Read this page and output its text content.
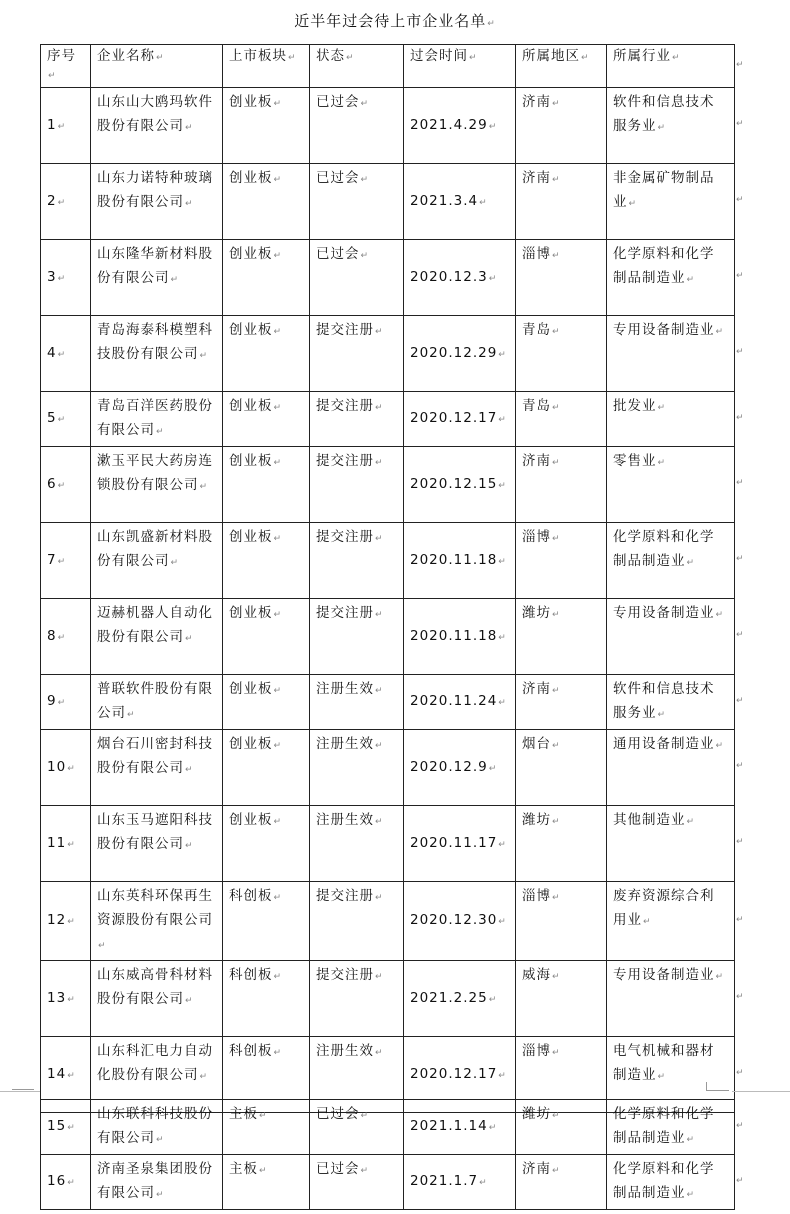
近半年过会待上市企业名单↵
序号↵	企业名称↵	上市板块↵	状态↵	过会时间↵	所属地区↵	所属行业↵
1↵	山东山大鸥玛软件股份有限公司↵	创业板↵	已过会↵	2021.4.29↵	济南↵	软件和信息技术服务业↵
2↵	山东力诺特种玻璃股份有限公司↵	创业板↵	已过会↵	2021.3.4↵	济南↵	非金属矿物制品业↵
3↵	山东隆华新材料股份有限公司↵	创业板↵	已过会↵	2020.12.3↵	淄博↵	化学原料和化学制品制造业↵
4↵	青岛海泰科模塑科技股份有限公司↵	创业板↵	提交注册↵	2020.12.29↵	青岛↵	专用设备制造业↵
5↵	青岛百洋医药股份有限公司↵	创业板↵	提交注册↵	2020.12.17↵	青岛↵	批发业↵
6↵	漱玉平民大药房连锁股份有限公司↵	创业板↵	提交注册↵	2020.12.15↵	济南↵	零售业↵
7↵	山东凯盛新材料股份有限公司↵	创业板↵	提交注册↵	2020.11.18↵	淄博↵	化学原料和化学制品制造业↵
8↵	迈赫机器人自动化股份有限公司↵	创业板↵	提交注册↵	2020.11.18↵	潍坊↵	专用设备制造业↵
9↵	普联软件股份有限公司↵	创业板↵	注册生效↵	2020.11.24↵	济南↵	软件和信息技术服务业↵
10↵	烟台石川密封科技股份有限公司↵	创业板↵	注册生效↵	2020.12.9↵	烟台↵	通用设备制造业↵
11↵	山东玉马遮阳科技股份有限公司↵	创业板↵	注册生效↵	2020.11.17↵	潍坊↵	其他制造业↵
12↵	山东英科环保再生资源股份有限公司↵	科创板↵	提交注册↵	2020.12.30↵	淄博↵	废弃资源综合利用业↵
13↵	山东威高骨科材料股份有限公司↵	科创板↵	提交注册↵	2021.2.25↵	威海↵	专用设备制造业↵
14↵	山东科汇电力自动化股份有限公司↵	科创板↵	注册生效↵	2020.12.17↵	淄博↵	电气机械和器材制造业↵
15↵	山东联科科技股份有限公司↵	主板↵	已过会↵	2021.1.14↵	潍坊↵	化学原料和化学制品制造业↵
16↵	济南圣泉集团股份有限公司↵	主板↵	已过会↵	2021.1.7↵	济南↵	化学原料和化学制品制造业↵
↵
↵
↵
↵
↵
↵
↵
↵
↵
↵
↵
↵
↵
↵
↵
↵
↵
